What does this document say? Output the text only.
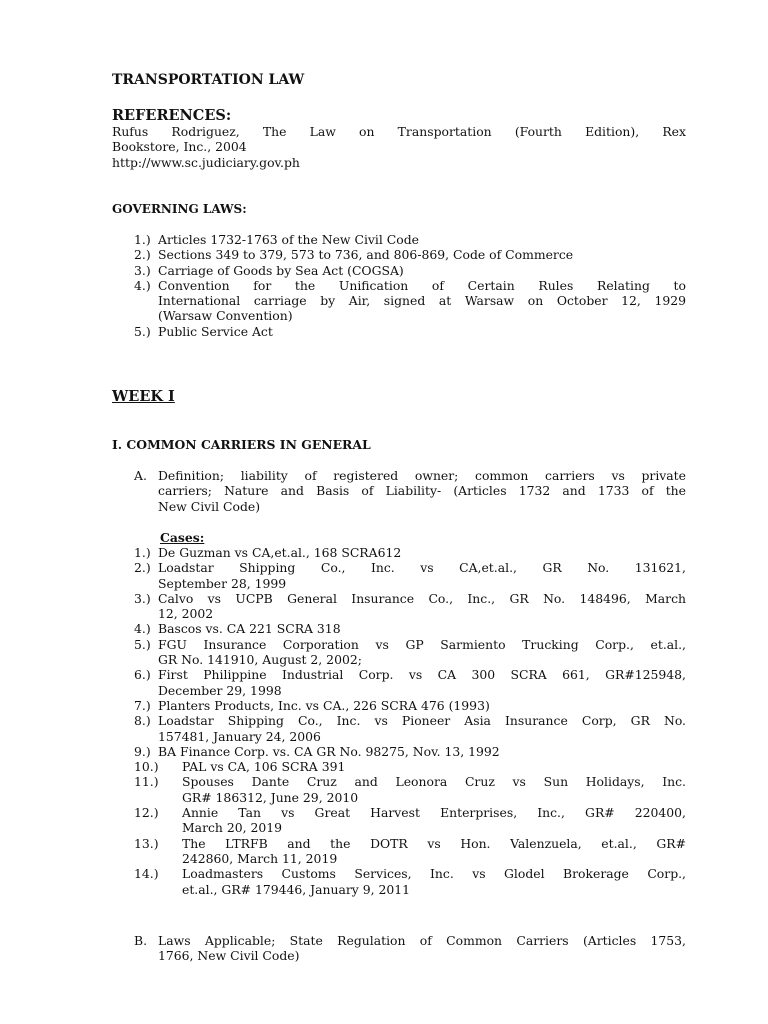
TRANSPORTATION LAW
REFERENCES:
Rufus Rodriguez, The Law on Transportation (Fourth Edition), Rex
Bookstore, Inc., 2004
http://www.sc.judiciary.gov.ph
GOVERNING LAWS:
1.) Articles 1732-1763 of the New Civil Code
2.) Sections 349 to 379, 573 to 736, and 806-869, Code of Commerce
3.) Carriage of Goods by Sea Act (COGSA)
4.) Convention for the Unification of Certain Rules Relating to
International carriage by Air, signed at Warsaw on October 12, 1929
(Warsaw Convention)
5.) Public Service Act
WEEK I
I. COMMON CARRIERS IN GENERAL
A. Definition; liability of registered owner; common carriers vs private
carriers; Nature and Basis of Liability- (Articles 1732 and 1733 of the
New Civil Code)
Cases:
1.) De Guzman vs CA,et.al., 168 SCRA612
2.) Loadstar Shipping Co., Inc. vs CA,et.al., GR No. 131621,
September 28, 1999
3.) Calvo vs UCPB General Insurance Co., Inc., GR No. 148496, March
12, 2002
4.) Bascos vs. CA 221 SCRA 318
5.) FGU Insurance Corporation vs GP Sarmiento Trucking Corp., et.al.,
GR No. 141910, August 2, 2002;
6.) First Philippine Industrial Corp. vs CA 300 SCRA 661, GR#125948,
December 29, 1998
7.) Planters Products, Inc. vs CA., 226 SCRA 476 (1993)
8.) Loadstar Shipping Co., Inc. vs Pioneer Asia Insurance Corp, GR No.
157481, January 24, 2006
9.) BA Finance Corp. vs. CA GR No. 98275, Nov. 13, 1992
10.)	PAL vs CA, 106 SCRA 391
11.)	Spouses Dante Cruz and Leonora Cruz vs Sun Holidays, Inc.
GR# 186312, June 29, 2010
12.)	Annie Tan vs Great Harvest Enterprises, Inc., GR# 220400,
March 20, 2019
13.)	The LTRFB and the DOTR vs Hon. Valenzuela, et.al., GR#
242860, March 11, 2019
14.)	Loadmasters Customs Services, Inc. vs Glodel Brokerage Corp.,
et.al., GR# 179446, January 9, 2011
B. Laws Applicable; State Regulation of Common Carriers (Articles 1753,
1766, New Civil Code)
